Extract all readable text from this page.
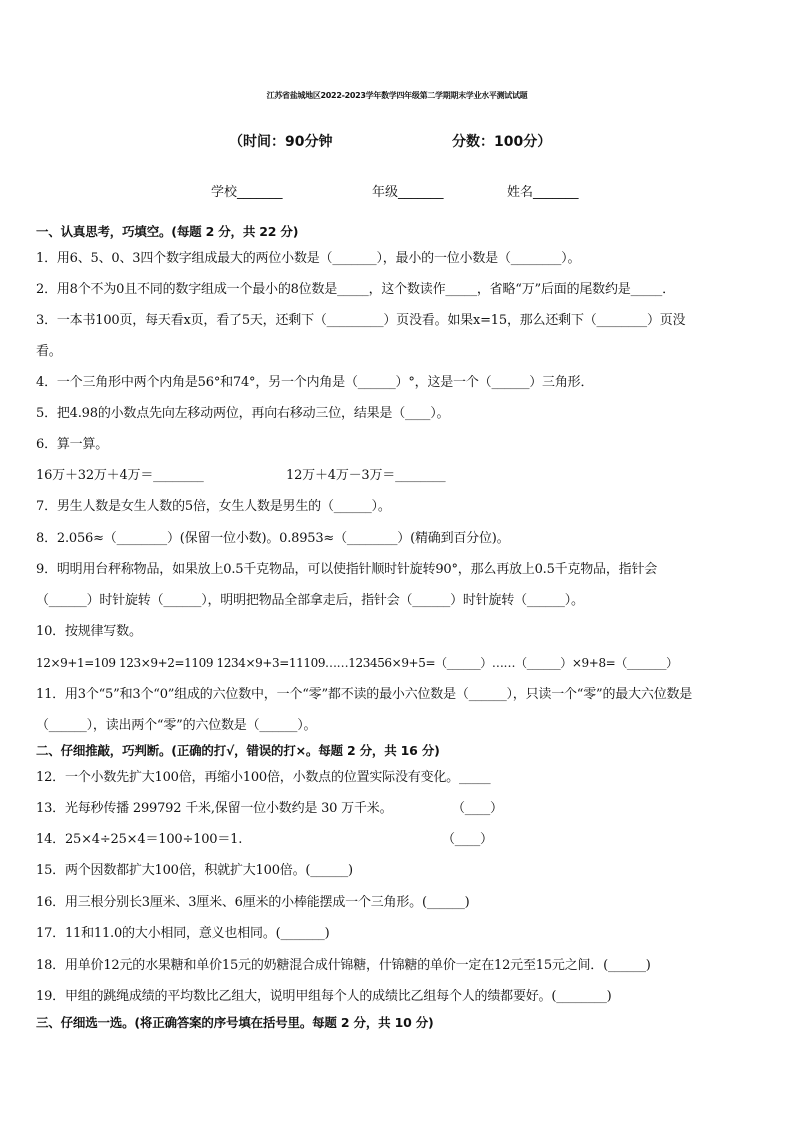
江苏省盐城地区2022-2023学年数学四年级第二学期期末学业水平测试试题
（时间：90分钟	分数：100分）
学校_______	年级_______	姓名_______
一、认真思考，巧填空。(每题 2 分，共 22 分)
1．用6、5、0、3四个数字组成最大的两位小数是（_______），最小的一位小数是（________）。
2．用8个不为0且不同的数字组成一个最小的8位数是_____，这个数读作_____，省略“万”后面的尾数约是_____．
3．一本书100页，每天看x页，看了5天，还剩下（_________）页没看。如果x=15，那么还剩下（________）页没
看。
4．一个三角形中两个内角是56°和74°，另一个内角是（______）°，这是一个（______）三角形．
5．把4.98的小数点先向左移动两位，再向右移动三位，结果是（____）。
6．算一算。
16万＋32万＋4万＝________	12万＋4万－3万＝________
7．男生人数是女生人数的5倍，女生人数是男生的（______）。
8．2.056≈（________）(保留一位小数)。0.8953≈（________）(精确到百分位)。
9．明明用台秤称物品，如果放上0.5千克物品，可以使指针顺时针旋转90°，那么再放上0.5千克物品，指针会
（______）时针旋转（______），明明把物品全部拿走后，指针会（______）时针旋转（______）。
10．按规律写数。
12×9+1=109 123×9+2=1109 1234×9+3=11109……123456×9+5=（______）……（______）×9+8=（_______）
11．用3个“5”和3个“0”组成的六位数中，一个“零”都不读的最小六位数是（______），只读一个“零”的最大六位数是
（______），读出两个“零”的六位数是（______）。
二、仔细推敲，巧判断。(正确的打√，错误的打×。每题 2 分，共 16 分)
12．一个小数先扩大100倍，再缩小100倍，小数点的位置实际没有变化。_____
13．光每秒传播 299792 千米,保留一位小数约是 30 万千米。	（____）
14．25×4÷25×4＝100÷100＝1.	（____）
15．两个因数都扩大100倍，积就扩大100倍。(______)
16．用三根分别长3厘米、3厘米、6厘米的小棒能摆成一个三角形。(______)
17．11和11.0的大小相同，意义也相同。(_______)
18．用单价12元的水果糖和单价15元的奶糖混合成什锦糖，什锦糖的单价一定在12元至15元之间．(______)
19．甲组的跳绳成绩的平均数比乙组大，说明甲组每个人的成绩比乙组每个人的绩都要好。(________)
三、仔细选一选。(将正确答案的序号填在括号里。每题 2 分，共 10 分)
